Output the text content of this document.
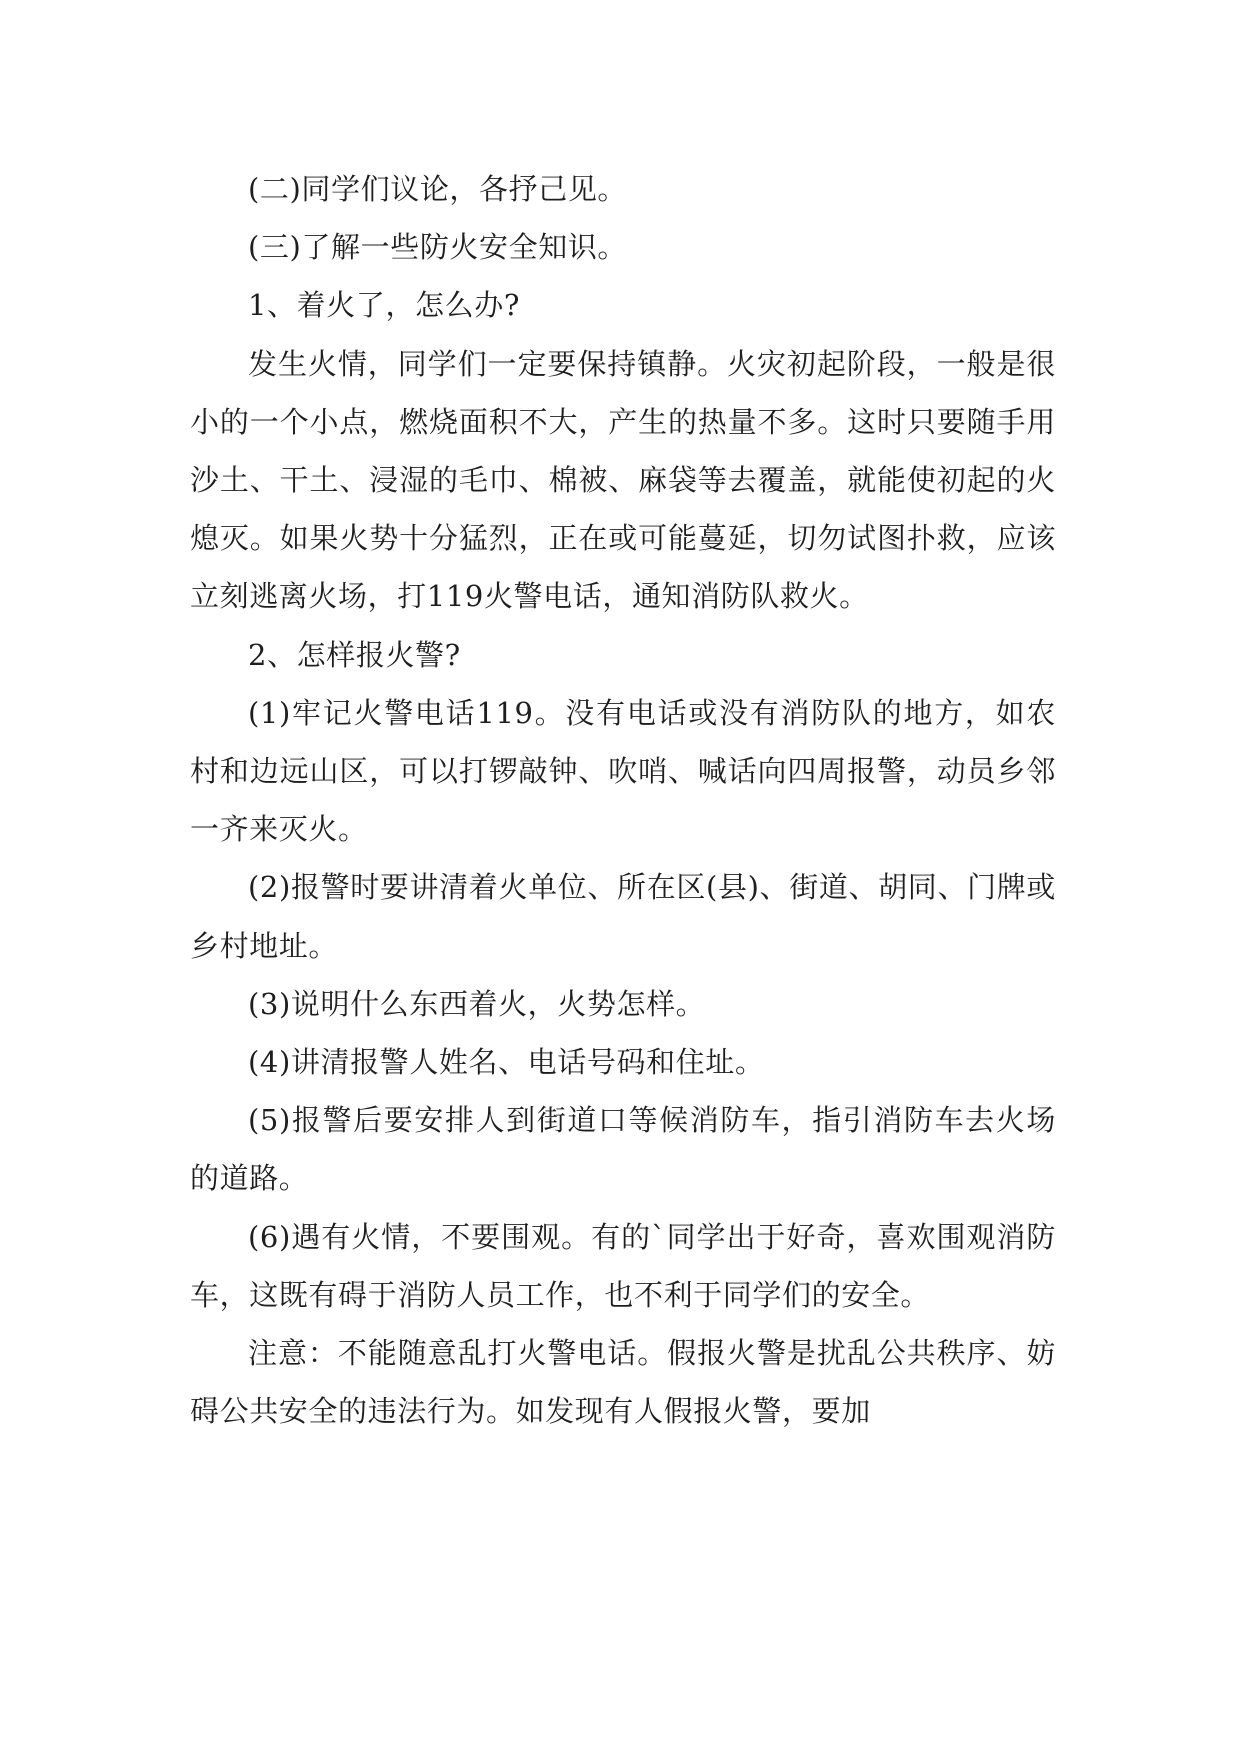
(二)同学们议论，各抒己见。

(三)了解一些防火安全知识。

1、着火了，怎么办?

发生火情，同学们一定要保持镇静。火灾初起阶段，一般是很小的一个小点，燃烧面积不大，产生的热量不多。这时只要随手用沙土、干土、浸湿的毛巾、棉被、麻袋等去覆盖，就能使初起的火熄灭。如果火势十分猛烈，正在或可能蔓延，切勿试图扑救，应该立刻逃离火场，打119火警电话，通知消防队救火。

2、怎样报火警?

(1)牢记火警电话119。没有电话或没有消防队的地方，如农村和边远山区，可以打锣敲钟、吹哨、喊话向四周报警，动员乡邻一齐来灭火。

(2)报警时要讲清着火单位、所在区(县)、街道、胡同、门牌或乡村地址。

(3)说明什么东西着火，火势怎样。

(4)讲清报警人姓名、电话号码和住址。

(5)报警后要安排人到街道口等候消防车，指引消防车去火场的道路。

(6)遇有火情，不要围观。有的`同学出于好奇，喜欢围观消防车，这既有碍于消防人员工作，也不利于同学们的安全。

注意：不能随意乱打火警电话。假报火警是扰乱公共秩序、妨碍公共安全的违法行为。如发现有人假报火警，要加
